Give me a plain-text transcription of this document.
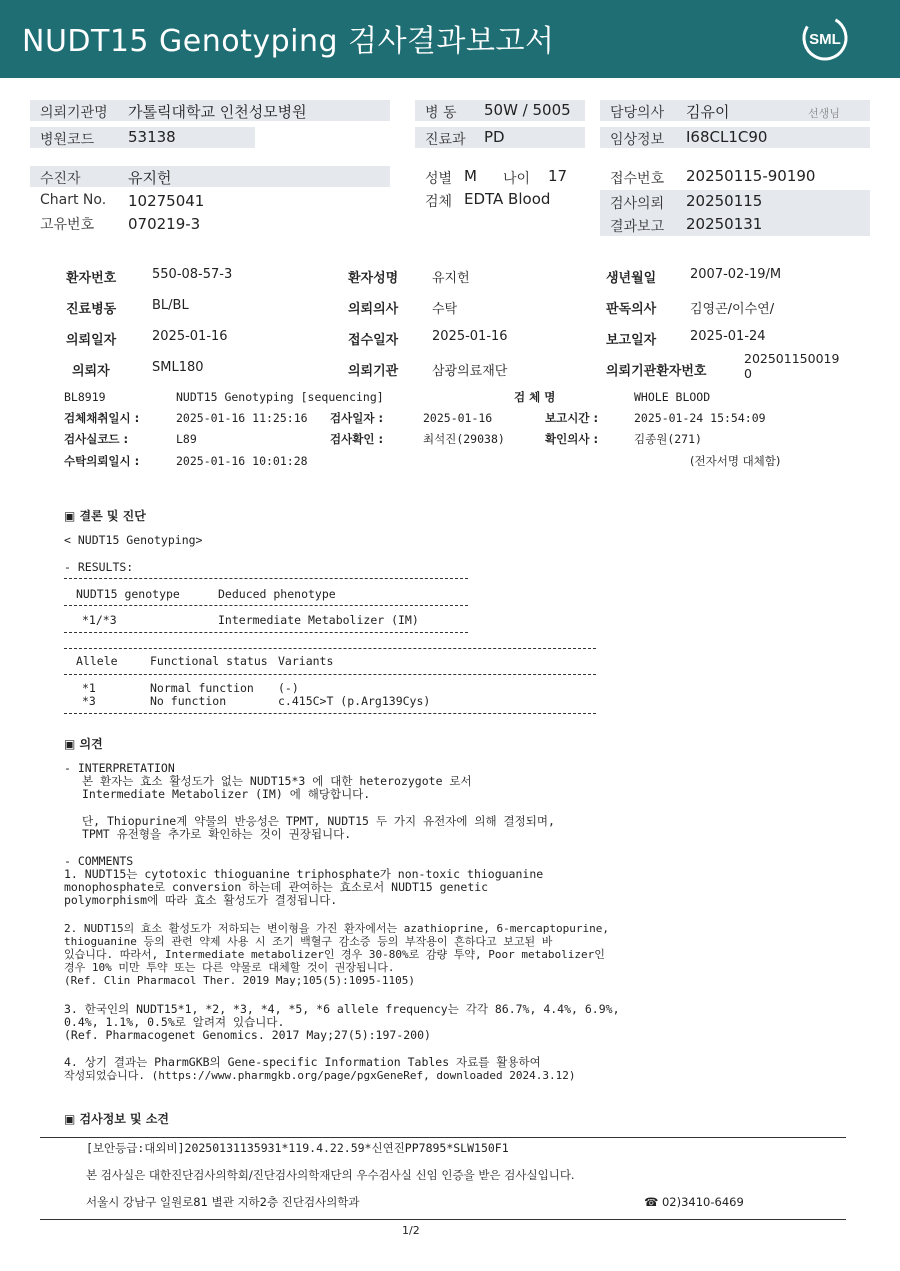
NUDT15 Genotyping 검사결과보고서	SML
의뢰기관명 가톨릭대학교 인천성모병원
병원코드 53138
병 동 50W / 5005
진료과 PD
담당의사 김유이	선생님
임상정보 I68CL1C90
수진자	유지헌
Chart No. 10275041
고유번호 070219-3
성별 M 나이 17
검체 EDTA Blood
접수번호 20250115-90190
검사의뢰 20250115
결과보고 20250131
환자번호	550-08-57-3	환자성명	유지헌	생년월일	2007-02-19/M
진료병동	BL/BL	의뢰의사	수탁	판독의사	김영곤/이수연/
의뢰일자	2025-01-16	접수일자	2025-01-16	보고일자	2025-01-24
의뢰자	SML180	의뢰기관	삼광의료재단	의뢰기관환자번호
202501150019
0
BL8919	NUDT15 Genotyping [sequencing]	검 체 명	WHOLE BLOOD
검체채취일시 :	2025-01-16 11:25:16 검사일자 :	2025-01-16	보고시간 :	2025-01-24 15:54:09
검사실코드 :	L89	검사확인 :	최석진(29038)	확인의사 :	김종원(271)
수탁의뢰일시 :	2025-01-16 10:01:28	(전자서명 대체함)
▣ 결론 및 진단
< NUDT15 Genotyping>
- RESULTS:
NUDT15 genotype	Deduced phenotype
*1/*3	Intermediate Metabolizer (IM)
Allele	Functional status Variants
*1	Normal function (-)
*3	No function	c.415C>T (p.Arg139Cys)
▣ 의견
- INTERPRETATION
본 환자는 효소 활성도가 없는 NUDT15*3 에 대한 heterozygote 로서
Intermediate Metabolizer (IM) 에 해당합니다.
단, Thiopurine계 약물의 반응성은 TPMT, NUDT15 두 가지 유전자에 의해 결정되며,
TPMT 유전형을 추가로 확인하는 것이 권장됩니다.
- COMMENTS
1. NUDT15는 cytotoxic thioguanine triphosphate가 non-toxic thioguanine
monophosphate로 conversion 하는데 관여하는 효소로서 NUDT15 genetic
polymorphism에 따라 효소 활성도가 결정됩니다.
2. NUDT15의 효소 활성도가 저하되는 변이형을 가진 환자에서는 azathioprine, 6-mercaptopurine,
thioguanine 등의 관련 약제 사용 시 조기 백혈구 감소증 등의 부작용이 흔하다고 보고된 바
있습니다. 따라서, Intermediate metabolizer인 경우 30-80%로 감량 투약, Poor metabolizer인
경우 10% 미만 투약 또는 다른 약물로 대체할 것이 권장됩니다.
(Ref. Clin Pharmacol Ther. 2019 May;105(5):1095-1105)
3. 한국인의 NUDT15*1, *2, *3, *4, *5, *6 allele frequency는 각각 86.7%, 4.4%, 6.9%,
0.4%, 1.1%, 0.5%로 알려져 있습니다.
(Ref. Pharmacogenet Genomics. 2017 May;27(5):197-200)
4. 상기 결과는 PharmGKB의 Gene-specific Information Tables 자료를 활용하여
작성되었습니다. (https://www.pharmgkb.org/page/pgxGeneRef, downloaded 2024.3.12)
▣ 검사정보 및 소견
[보안등급:대외비]20250131135931*119.4.22.59*신연진PP7895*SLW150F1
본 검사실은 대한진단검사의학회/진단검사의학재단의 우수검사실 신임 인증을 받은 검사실입니다.
서울시 강남구 일원로81 별관 지하2층 진단검사의학과	☎ 02)3410-6469
1/2
